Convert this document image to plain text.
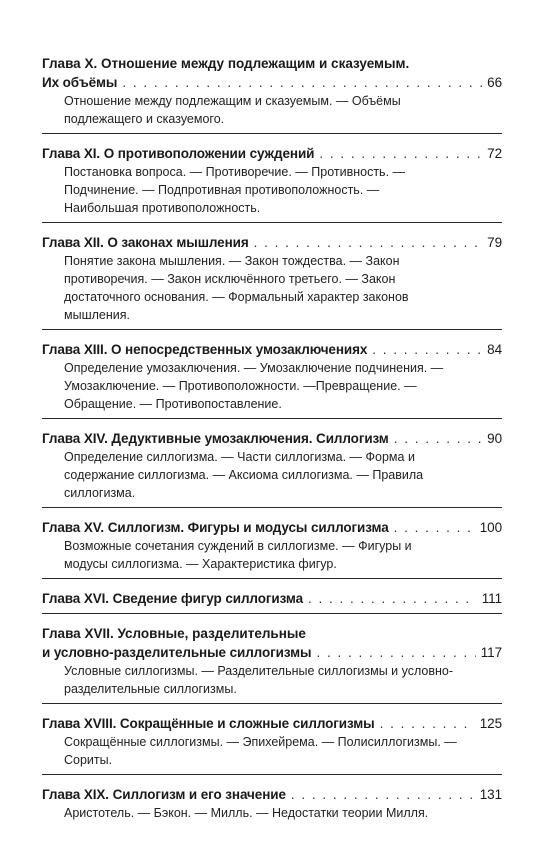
Глава X. Отношение между подлежащим и сказуемым.
Их объёмы . . .	66
Отношение между подлежащим и сказуемым. — Объёмы
подлежащего и сказуемого.
Глава XI. О противоположении суждений . . .	72
Постановка вопроса. — Противоречие. — Противность. —
Подчинение. — Подпротивная противоположность. —
Наибольшая противоположность.
Глава XII. О законах мышления . . .	79
Понятие закона мышления. — Закон тождества. — Закон
противоречия. — Закон исключённого третьего. — Закон
достаточного основания. — Формальный характер законов
мышления.
Глава XIII. О непосредственных умозаключениях . . .	84
Определение умозаключения. — Умозаключение подчинения. —
Умозаключение. — Противоположности. —Превращение. —
Обращение. — Противопоставление.
Глава XIV. Дедуктивные умозаключения. Силлогизм . . .	90
Определение силлогизма. — Части силлогизма. — Форма и
содержание силлогизма. — Аксиома силлогизма. — Правила
силлогизма.
Глава XV. Силлогизм. Фигуры и модусы силлогизма . . .	100
Возможные сочетания суждений в силлогизме. — Фигуры и
модусы силлогизма. — Характеристика фигур.
Глава XVI. Сведение фигур силлогизма . . .	111
Глава XVII. Условные, разделительные
и условно-разделительные силлогизмы . . .	117
Условные силлогизмы. — Разделительные силлогизмы и условно-
разделительные силлогизмы.
Глава XVIII. Сокращённые и сложные силлогизмы . . .	125
Сокращённые силлогизмы. — Эпихейрема. — Полисиллогизмы. —
Сориты.
Глава XIX. Силлогизм и его значение . . .	131
Аристотель. — Бэкон. — Милль. — Недостатки теории Милля.
